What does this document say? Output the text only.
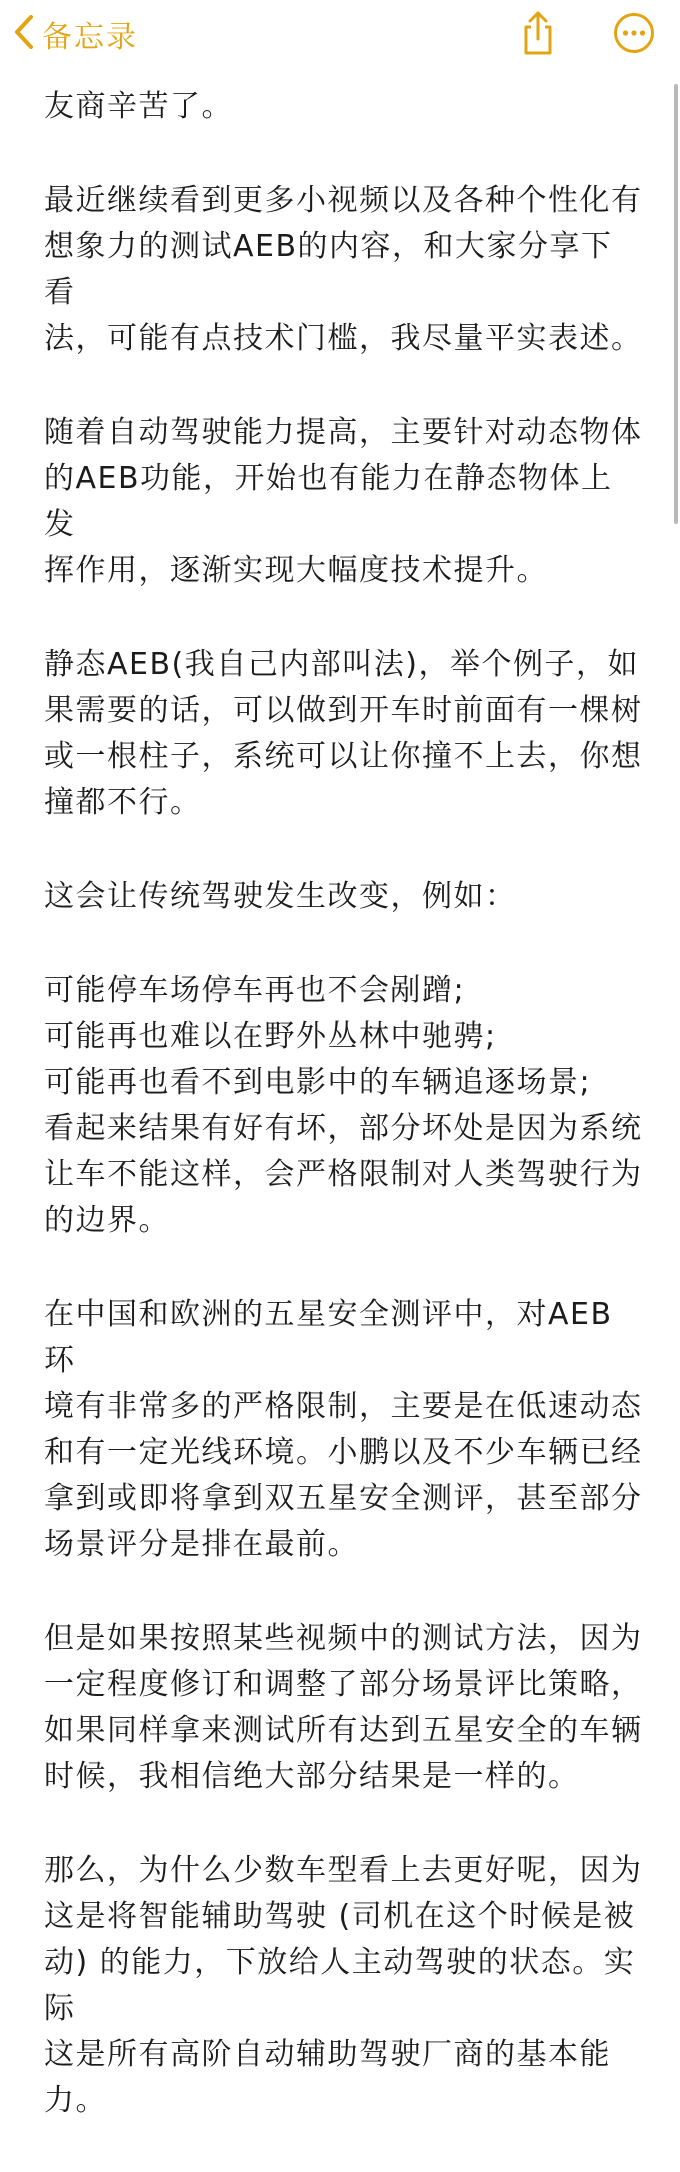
备忘录

友商辛苦了。

最近继续看到更多小视频以及各种个性化有
想象力的测试AEB的内容，和大家分享下看
法，可能有点技术门槛，我尽量平实表述。

随着自动驾驶能力提高，主要针对动态物体
的AEB功能，开始也有能力在静态物体上发
挥作用，逐渐实现大幅度技术提升。

静态AEB(我自己内部叫法)，举个例子，如
果需要的话，可以做到开车时前面有一棵树
或一根柱子，系统可以让你撞不上去，你想
撞都不行。

这会让传统驾驶发生改变，例如：

可能停车场停车再也不会剐蹭;
可能再也难以在野外丛林中驰骋;
可能再也看不到电影中的车辆追逐场景;
看起来结果有好有坏，部分坏处是因为系统
让车不能这样，会严格限制对人类驾驶行为
的边界。

在中国和欧洲的五星安全测评中，对AEB环
境有非常多的严格限制，主要是在低速动态
和有一定光线环境。小鹏以及不少车辆已经
拿到或即将拿到双五星安全测评，甚至部分
场景评分是排在最前。

但是如果按照某些视频中的测试方法，因为
一定程度修订和调整了部分场景评比策略，
如果同样拿来测试所有达到五星安全的车辆
时候，我相信绝大部分结果是一样的。

那么，为什么少数车型看上去更好呢，因为
这是将智能辅助驾驶 (司机在这个时候是被
动) 的能力，下放给人主动驾驶的状态。实际
这是所有高阶自动辅助驾驶厂商的基本能
力。
